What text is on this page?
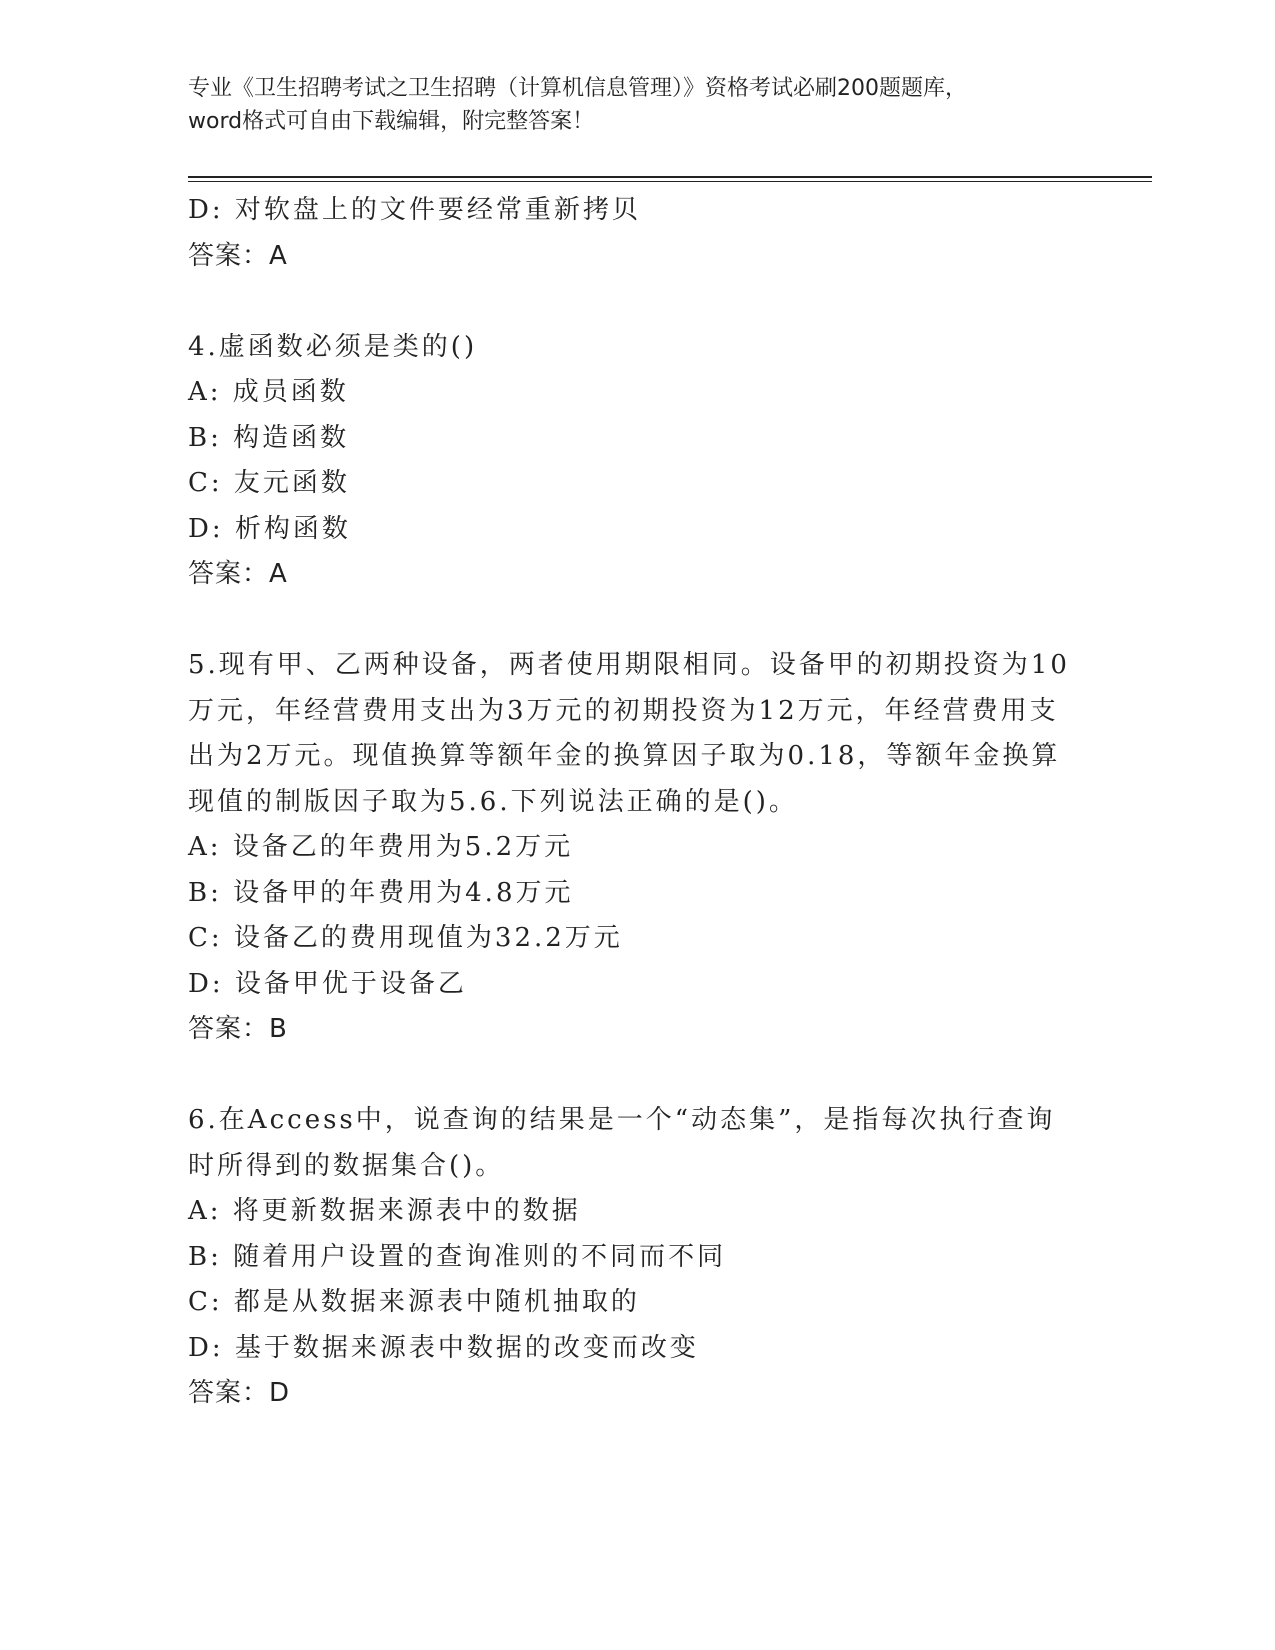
专业《卫生招聘考试之卫生招聘（计算机信息管理）》资格考试必刷200题题库，
word格式可自由下载编辑，附完整答案！
D: 对软盘上的文件要经常重新拷贝
答案：A
4.虚函数必须是类的()
A: 成员函数
B: 构造函数
C: 友元函数
D: 析构函数
答案：A
5.现有甲、乙两种设备，两者使用期限相同。设备甲的初期投资为10
万元，年经营费用支出为3万元的初期投资为12万元，年经营费用支
出为2万元。现值换算等额年金的换算因子取为0.18，等额年金换算
现值的制版因子取为5.6.下列说法正确的是()。
A: 设备乙的年费用为5.2万元
B: 设备甲的年费用为4.8万元
C: 设备乙的费用现值为32.2万元
D: 设备甲优于设备乙
答案：B
6.在Access中，说查询的结果是一个“动态集”，是指每次执行查询
时所得到的数据集合()。
A: 将更新数据来源表中的数据
B: 随着用户设置的查询准则的不同而不同
C: 都是从数据来源表中随机抽取的
D: 基于数据来源表中数据的改变而改变
答案：D
